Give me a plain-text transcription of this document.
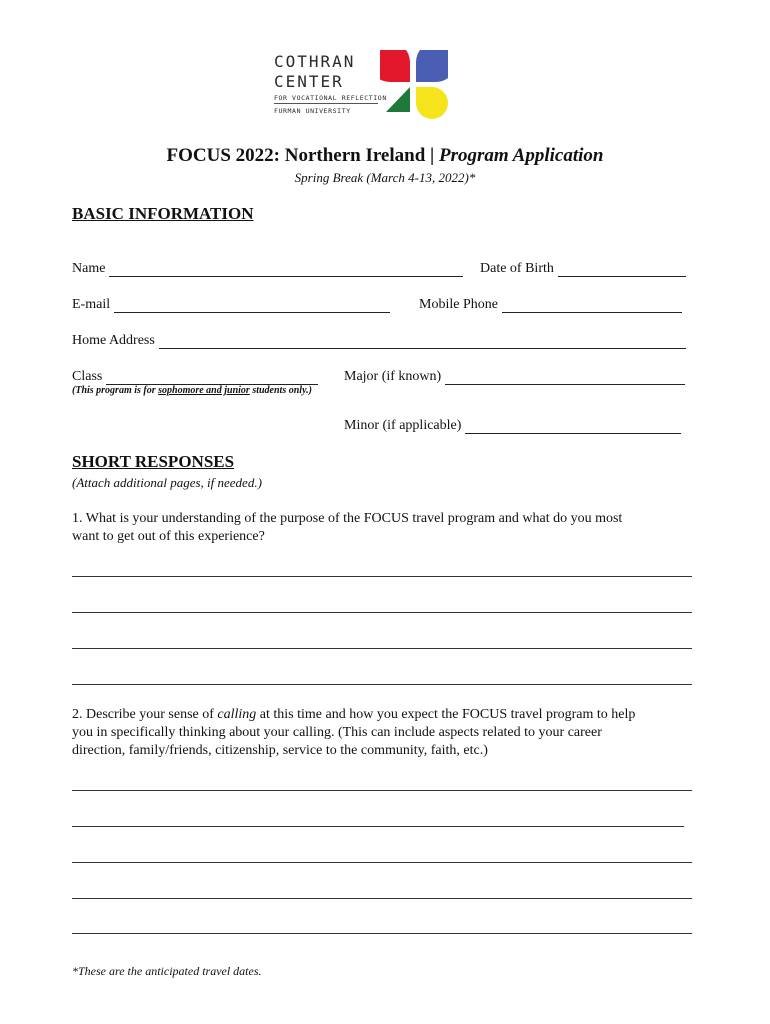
COTHRAN
CENTER
FOR VOCATIONAL REFLECTION
FURMAN UNIVERSITY
FOCUS 2022: Northern Ireland | Program Application
Spring Break (March 4-13, 2022)*
BASIC INFORMATION
Name	Date of Birth
E-mail	Mobile Phone
Home Address
Class	Major (if known)
(This program is for sophomore and junior students only.)
Minor (if applicable)
SHORT RESPONSES
(Attach additional pages, if needed.)
1. What is your understanding of the purpose of the FOCUS travel program and what do you most
want to get out of this experience?
2. Describe your sense of calling at this time and how you expect the FOCUS travel program to help
you in specifically thinking about your calling. (This can include aspects related to your career
direction, family/friends, citizenship, service to the community, faith, etc.)
*These are the anticipated travel dates.
